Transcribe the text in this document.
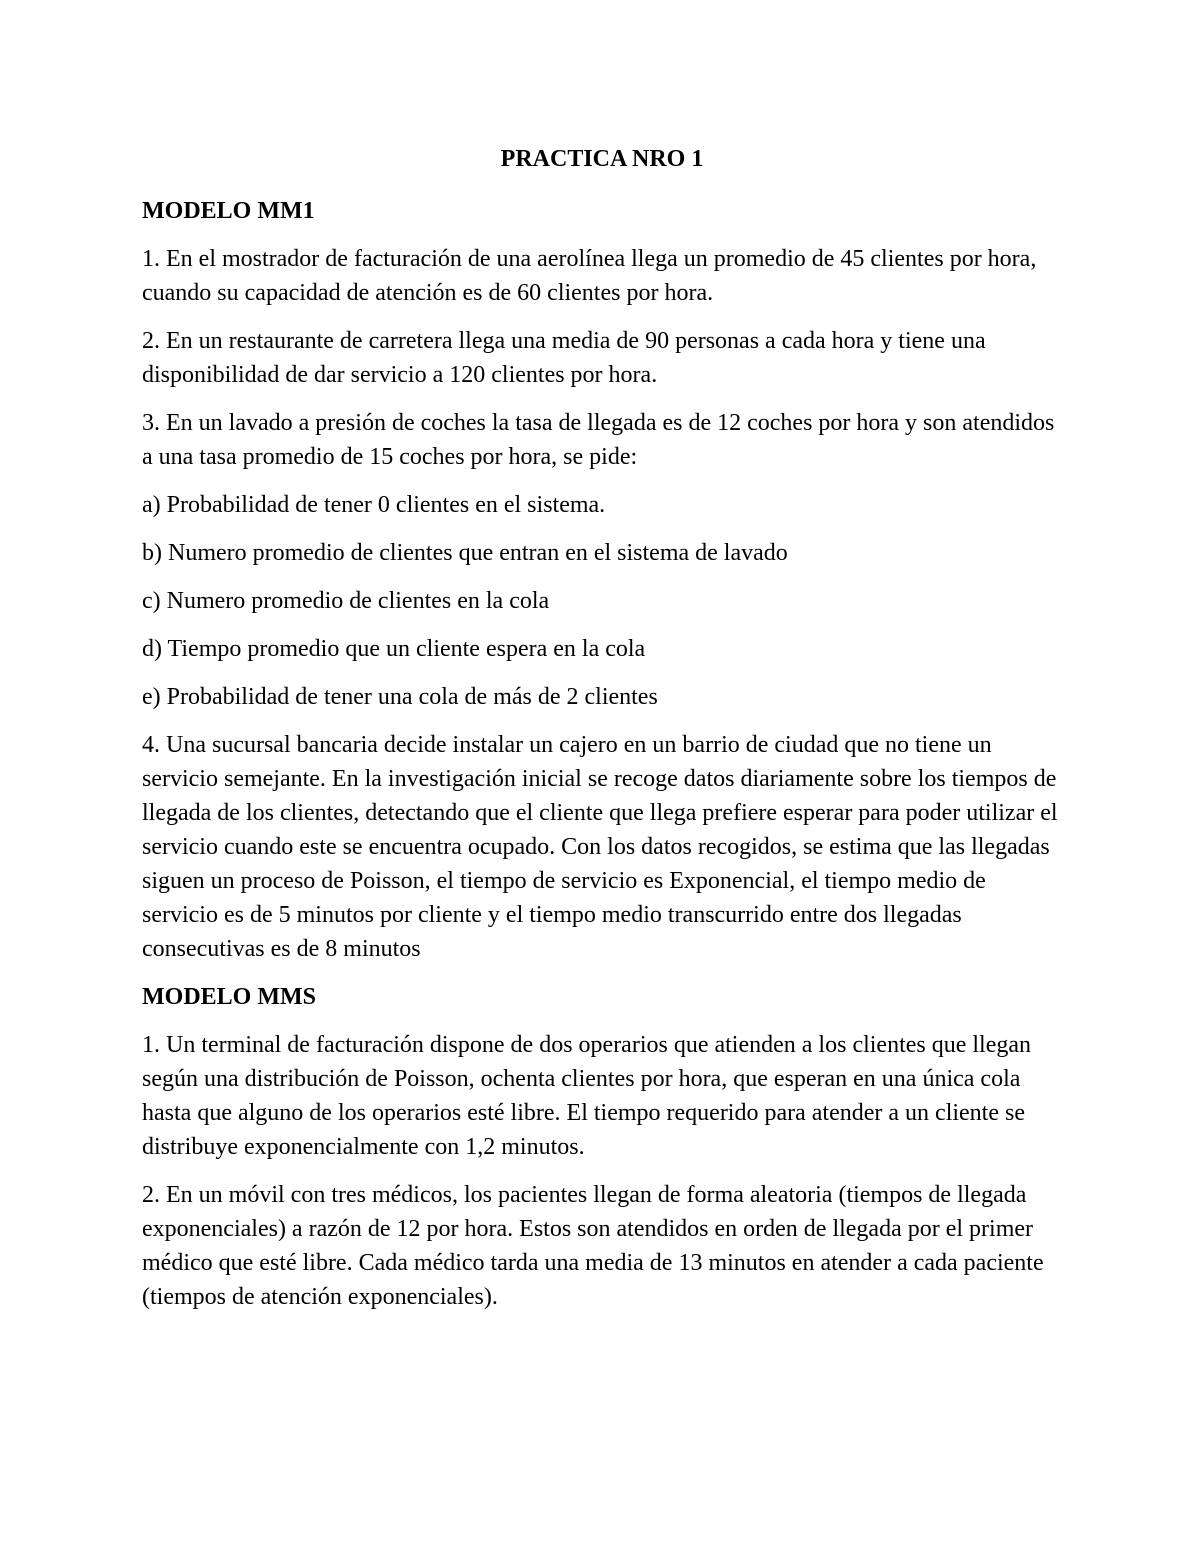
PRACTICA NRO 1
MODELO MM1

1. En el mostrador de facturación de una aerolínea llega un promedio de 45 clientes por hora, cuando su capacidad de atención es de 60 clientes por hora.

2. En un restaurante de carretera llega una media de 90 personas a cada hora y tiene una disponibilidad de dar servicio a 120 clientes por hora.

3. En un lavado a presión de coches la tasa de llegada es de 12 coches por hora y son atendidos a una tasa promedio de 15 coches por hora, se pide:

a) Probabilidad de tener 0 clientes en el sistema.

b) Numero promedio de clientes que entran en el sistema de lavado

c) Numero promedio de clientes en la cola

d) Tiempo promedio que un cliente espera en la cola

e) Probabilidad de tener una cola de más de 2 clientes

4. Una sucursal bancaria decide instalar un cajero en un barrio de ciudad que no tiene un servicio semejante. En la investigación inicial se recoge datos diariamente sobre los tiempos de llegada de los clientes, detectando que el cliente que llega prefiere esperar para poder utilizar el servicio cuando este se encuentra ocupado. Con los datos recogidos, se estima que las llegadas siguen un proceso de Poisson, el tiempo de servicio es Exponencial, el tiempo medio de servicio es de 5 minutos por cliente y el tiempo medio transcurrido entre dos llegadas consecutivas es de 8 minutos

MODELO MMS

1. Un terminal de facturación dispone de dos operarios que atienden a los clientes que llegan según una distribución de Poisson, ochenta clientes por hora, que esperan en una única cola hasta que alguno de los operarios esté libre. El tiempo requerido para atender a un cliente se distribuye exponencialmente con 1,2 minutos.

2. En un móvil con tres médicos, los pacientes llegan de forma aleatoria (tiempos de llegada exponenciales) a razón de 12 por hora. Estos son atendidos en orden de llegada por el primer médico que esté libre. Cada médico tarda una media de 13 minutos en atender a cada paciente (tiempos de atención exponenciales).
